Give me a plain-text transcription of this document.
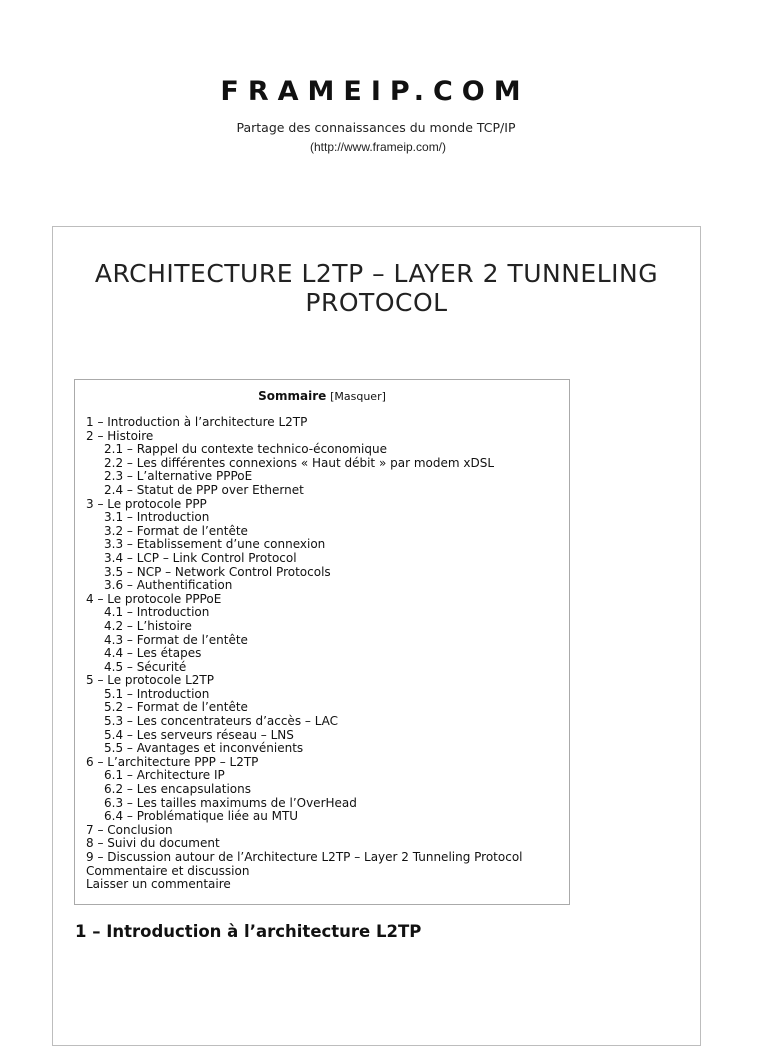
FRAMEIP.COM
Partage des connaissances du monde TCP/IP
(http://www.frameip.com/)
ARCHITECTURE L2TP – LAYER 2 TUNNELING PROTOCOL
Sommaire [Masquer]
1 – Introduction à l’architecture L2TP
2 – Histoire
2.1 – Rappel du contexte technico-économique
2.2 – Les différentes connexions « Haut débit » par modem xDSL
2.3 – L’alternative PPPoE
2.4 – Statut de PPP over Ethernet
3 – Le protocole PPP
3.1 – Introduction
3.2 – Format de l’entête
3.3 – Etablissement d’une connexion
3.4 – LCP – Link Control Protocol
3.5 – NCP – Network Control Protocols
3.6 – Authentification
4 – Le protocole PPPoE
4.1 – Introduction
4.2 – L’histoire
4.3 – Format de l’entête
4.4 – Les étapes
4.5 – Sécurité
5 – Le protocole L2TP
5.1 – Introduction
5.2 – Format de l’entête
5.3 – Les concentrateurs d’accès – LAC
5.4 – Les serveurs réseau – LNS
5.5 – Avantages et inconvénients
6 – L’architecture PPP – L2TP
6.1 – Architecture IP
6.2 – Les encapsulations
6.3 – Les tailles maximums de l’OverHead
6.4 – Problématique liée au MTU
7 – Conclusion
8 – Suivi du document
9 – Discussion autour de l’Architecture L2TP – Layer 2 Tunneling Protocol
Commentaire et discussion
Laisser un commentaire
1 – Introduction à l’architecture L2TP
